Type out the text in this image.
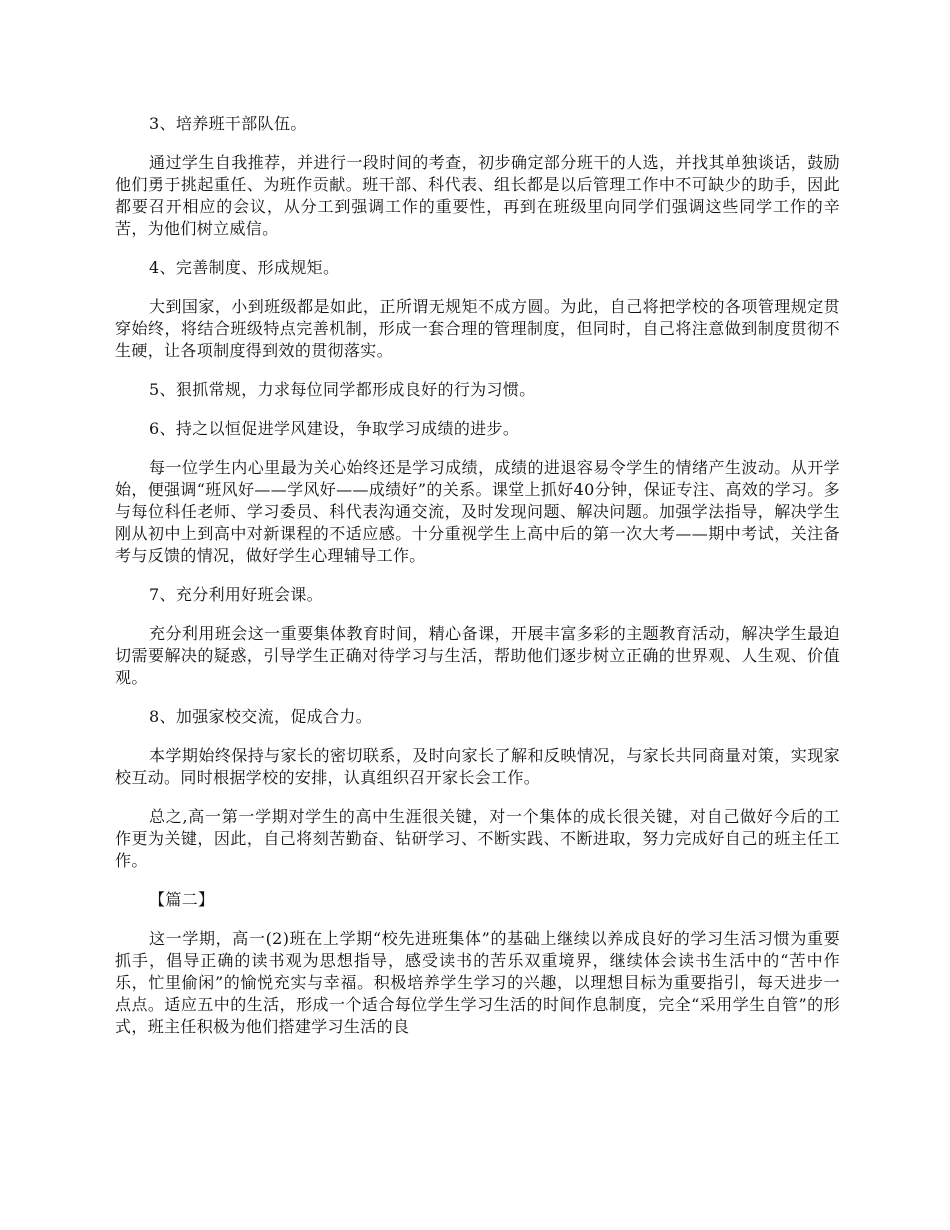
3、培养班干部队伍。

通过学生自我推荐，并进行一段时间的考查，初步确定部分班干的人选，并找其单独谈话，鼓励他们勇于挑起重任、为班作贡献。班干部、科代表、组长都是以后管理工作中不可缺少的助手，因此都要召开相应的会议，从分工到强调工作的重要性，再到在班级里向同学们强调这些同学工作的辛苦，为他们树立威信。

4、完善制度、形成规矩。

大到国家，小到班级都是如此，正所谓无规矩不成方圆。为此，自己将把学校的各项管理规定贯穿始终，将结合班级特点完善机制，形成一套合理的管理制度，但同时，自己将注意做到制度贯彻不生硬，让各项制度得到效的贯彻落实。

5、狠抓常规，力求每位同学都形成良好的行为习惯。

6、持之以恒促进学风建设，争取学习成绩的进步。

每一位学生内心里最为关心始终还是学习成绩，成绩的进退容易令学生的情绪产生波动。从开学始，便强调“班风好——学风好——成绩好”的关系。课堂上抓好40分钟，保证专注、高效的学习。多与每位科任老师、学习委员、科代表沟通交流，及时发现问题、解决问题。加强学法指导，解决学生刚从初中上到高中对新课程的不适应感。十分重视学生上高中后的第一次大考——期中考试，关注备考与反馈的情况，做好学生心理辅导工作。

7、充分利用好班会课。

充分利用班会这一重要集体教育时间，精心备课，开展丰富多彩的主题教育活动，解决学生最迫切需要解决的疑惑，引导学生正确对待学习与生活，帮助他们逐步树立正确的世界观、人生观、价值观。

8、加强家校交流，促成合力。

本学期始终保持与家长的密切联系，及时向家长了解和反映情况，与家长共同商量对策，实现家校互动。同时根据学校的安排，认真组织召开家长会工作。

总之,高一第一学期对学生的高中生涯很关键，对一个集体的成长很关键，对自己做好今后的工作更为关键，因此，自己将刻苦勤奋、钻研学习、不断实践、不断进取，努力完成好自己的班主任工作。

【篇二】

这一学期，高一(2)班在上学期“校先进班集体”的基础上继续以养成良好的学习生活习惯为重要抓手，倡导正确的读书观为思想指导，感受读书的苦乐双重境界，继续体会读书生活中的“苦中作乐，忙里偷闲”的愉悦充实与幸福。积极培养学生学习的兴趣，以理想目标为重要指引，每天进步一点点。适应五中的生活，形成一个适合每位学生学习生活的时间作息制度，完全“采用学生自管”的形式，班主任积极为他们搭建学习生活的良
